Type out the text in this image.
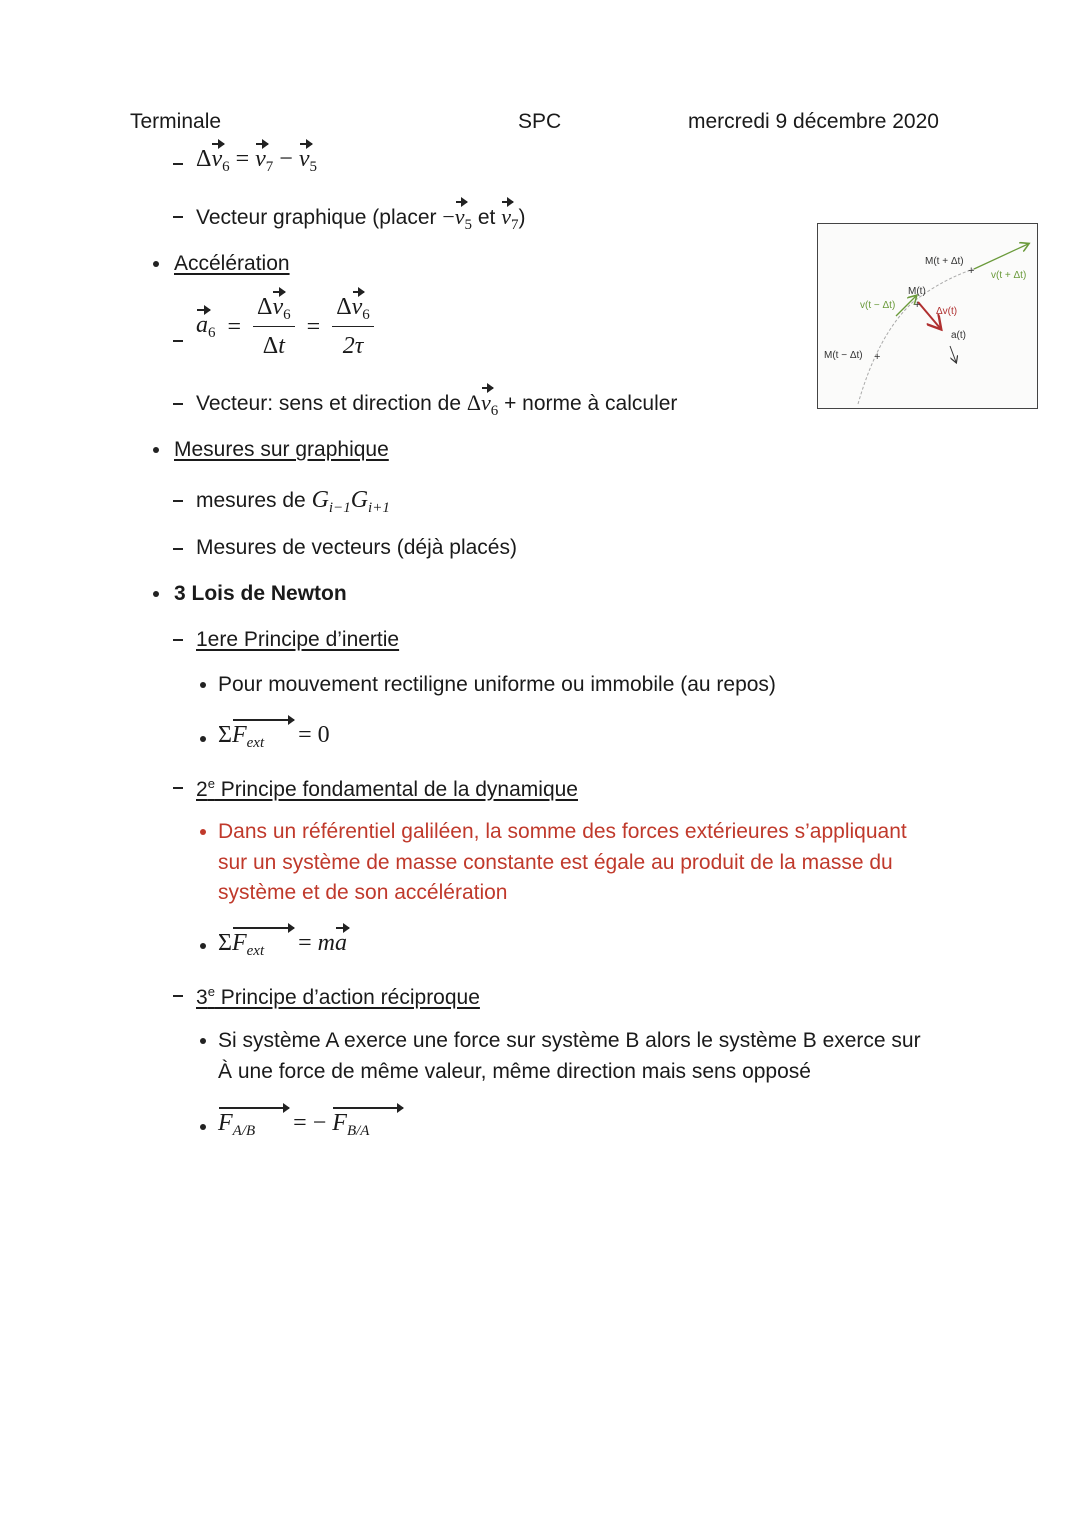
Terminale	SPC	mercredi 9 décembre 2020
$\Delta v_6 = v_7 - v_5$
Vecteur graphique (placer $-v_5$ et $v_7$)
Accélération
$a_6 = \frac{\Delta v_6}{\Delta t} = \frac{\Delta v_6}{2\tau}$
Vecteur: sens et direction de $\Delta v_6$ + norme à calculer
+
+
+
M(t + Δt)
v(t + Δt)
M(t)
v(t − Δt)
Δv(t)
a(t)
M(t − Δt)
Mesures sur graphique
mesures de $G_{i-1}G_{i+1}$
Mesures de vecteurs (déjà placés)
3 Lois de Newton
1ere Principe d’inertie
Pour mouvement rectiligne uniforme ou immobile (au repos)
$\Sigma F_{ext} = 0$
2e Principe fondamental de la dynamique
Dans un référentiel galiléen, la somme des forces extérieures s’appliquant
sur un système de masse constante est égale au produit de la masse du
système et de son accélération
$\Sigma F_{ext}$ = ma
3e Principe d’action réciproque
Si système A exerce une force sur système B alors le système B exerce sur
À une force de même valeur, même direction mais sens opposé
$F_{A/B}$ = − $F_{B/A}$
